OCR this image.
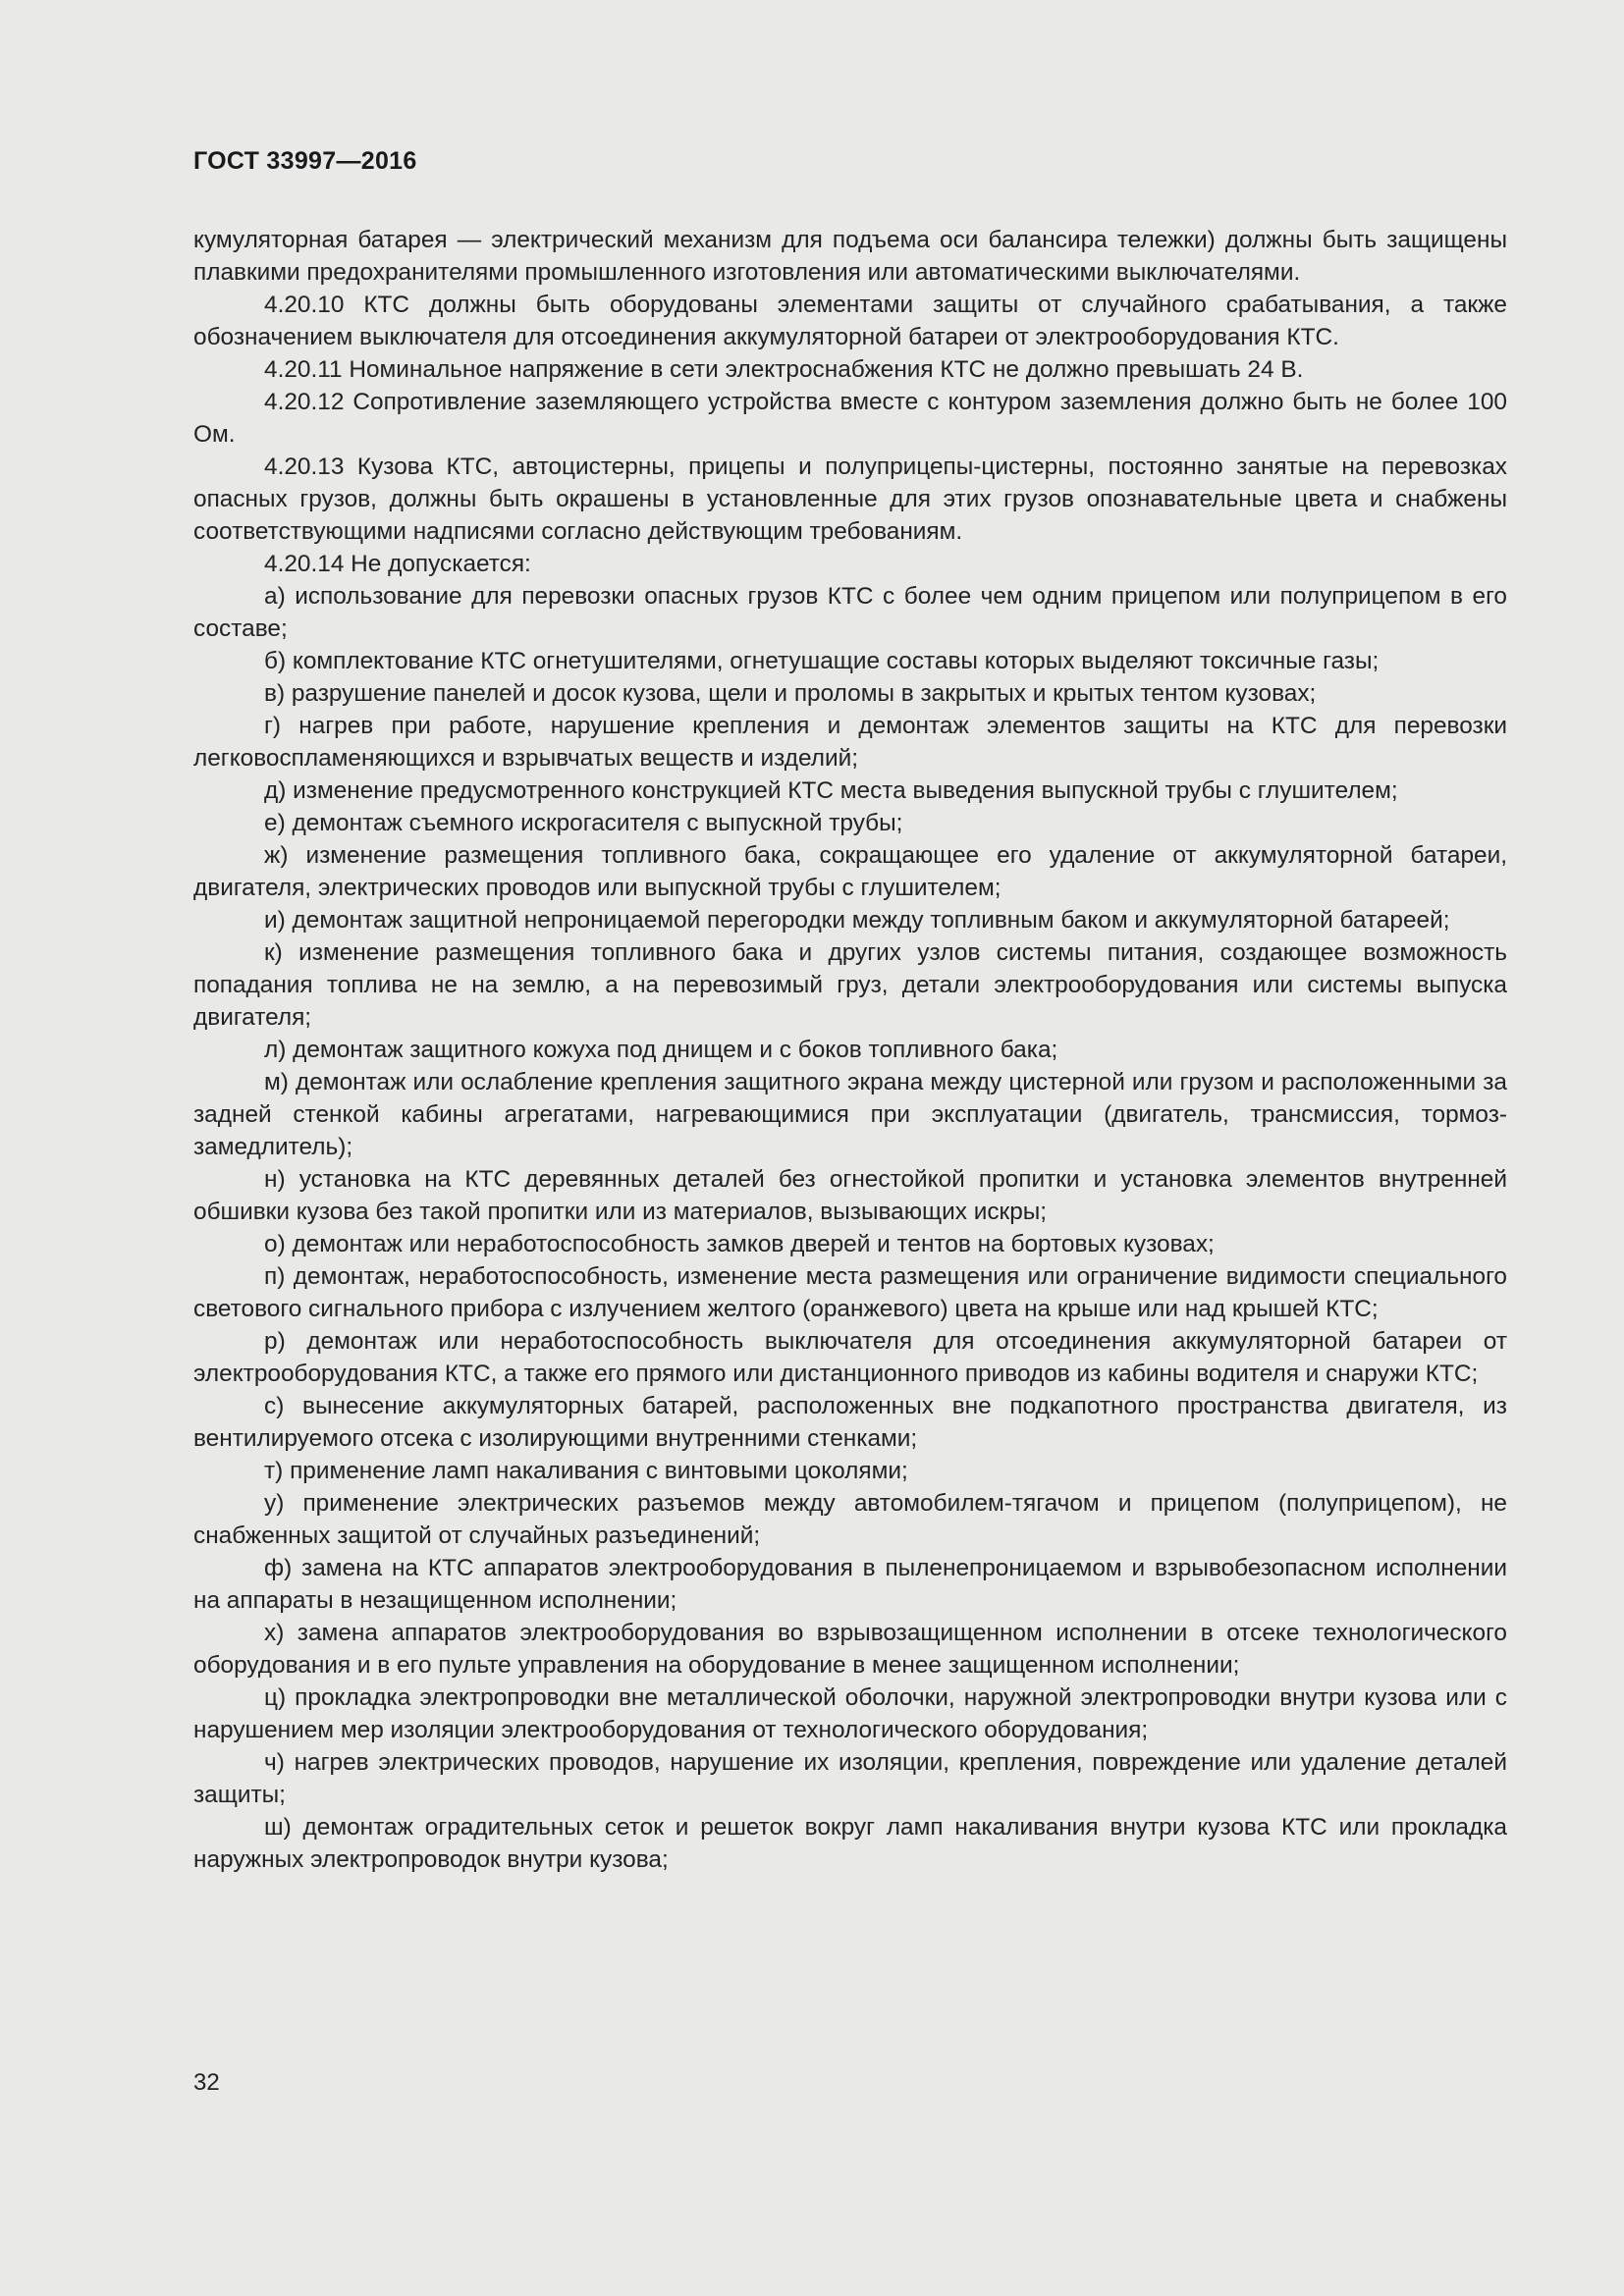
ГОСТ 33997—2016

кумуляторная батарея — электрический механизм для подъема оси балансира тележки) должны быть защищены плавкими предохранителями промышленного изготовления или автоматическими выключателями.

4.20.10 КТС должны быть оборудованы элементами защиты от случайного срабатывания, а также обозначением выключателя для отсоединения аккумуляторной батареи от электрооборудования КТС.

4.20.11 Номинальное напряжение в сети электроснабжения КТС не должно превышать 24 В.

4.20.12 Сопротивление заземляющего устройства вместе с контуром заземления должно быть не более 100 Ом.

4.20.13 Кузова КТС, автоцистерны, прицепы и полуприцепы-цистерны, постоянно занятые на перевозках опасных грузов, должны быть окрашены в установленные для этих грузов опознавательные цвета и снабжены соответствующими надписями согласно действующим требованиям.

4.20.14 Не допускается:

а) использование для перевозки опасных грузов КТС с более чем одним прицепом или полуприцепом в его составе;

б) комплектование КТС огнетушителями, огнетушащие составы которых выделяют токсичные газы;

в) разрушение панелей и досок кузова, щели и проломы в закрытых и крытых тентом кузовах;

г) нагрев при работе, нарушение крепления и демонтаж элементов защиты на КТС для перевозки легковоспламеняющихся и взрывчатых веществ и изделий;

д) изменение предусмотренного конструкцией КТС места выведения выпускной трубы с глушителем;

е) демонтаж съемного искрогасителя с выпускной трубы;

ж) изменение размещения топливного бака, сокращающее его удаление от аккумуляторной батареи, двигателя, электрических проводов или выпускной трубы с глушителем;

и) демонтаж защитной непроницаемой перегородки между топливным баком и аккумуляторной батареей;

к) изменение размещения топливного бака и других узлов системы питания, создающее возможность попадания топлива не на землю, а на перевозимый груз, детали электрооборудования или системы выпуска двигателя;

л) демонтаж защитного кожуха под днищем и с боков топливного бака;

м) демонтаж или ослабление крепления защитного экрана между цистерной или грузом и расположенными за задней стенкой кабины агрегатами, нагревающимися при эксплуатации (двигатель, трансмиссия, тормоз-замедлитель);

н) установка на КТС деревянных деталей без огнестойкой пропитки и установка элементов внутренней обшивки кузова без такой пропитки или из материалов, вызывающих искры;

о) демонтаж или неработоспособность замков дверей и тентов на бортовых кузовах;

п) демонтаж, неработоспособность, изменение места размещения или ограничение видимости специального светового сигнального прибора с излучением желтого (оранжевого) цвета на крыше или над крышей КТС;

р) демонтаж или неработоспособность выключателя для отсоединения аккумуляторной батареи от электрооборудования КТС, а также его прямого или дистанционного приводов из кабины водителя и снаружи КТС;

с) вынесение аккумуляторных батарей, расположенных вне подкапотного пространства двигателя, из вентилируемого отсека с изолирующими внутренними стенками;

т) применение ламп накаливания с винтовыми цоколями;

у) применение электрических разъемов между автомобилем-тягачом и прицепом (полуприцепом), не снабженных защитой от случайных разъединений;

ф) замена на КТС аппаратов электрооборудования в пыленепроницаемом и взрывобезопасном исполнении на аппараты в незащищенном исполнении;

х) замена аппаратов электрооборудования во взрывозащищенном исполнении в отсеке технологического оборудования и в его пульте управления на оборудование в менее защищенном исполнении;

ц) прокладка электропроводки вне металлической оболочки, наружной электропроводки внутри кузова или с нарушением мер изоляции электрооборудования от технологического оборудования;

ч) нагрев электрических проводов, нарушение их изоляции, крепления, повреждение или удаление деталей защиты;

ш) демонтаж оградительных сеток и решеток вокруг ламп накаливания внутри кузова КТС или прокладка наружных электропроводок внутри кузова;

32
